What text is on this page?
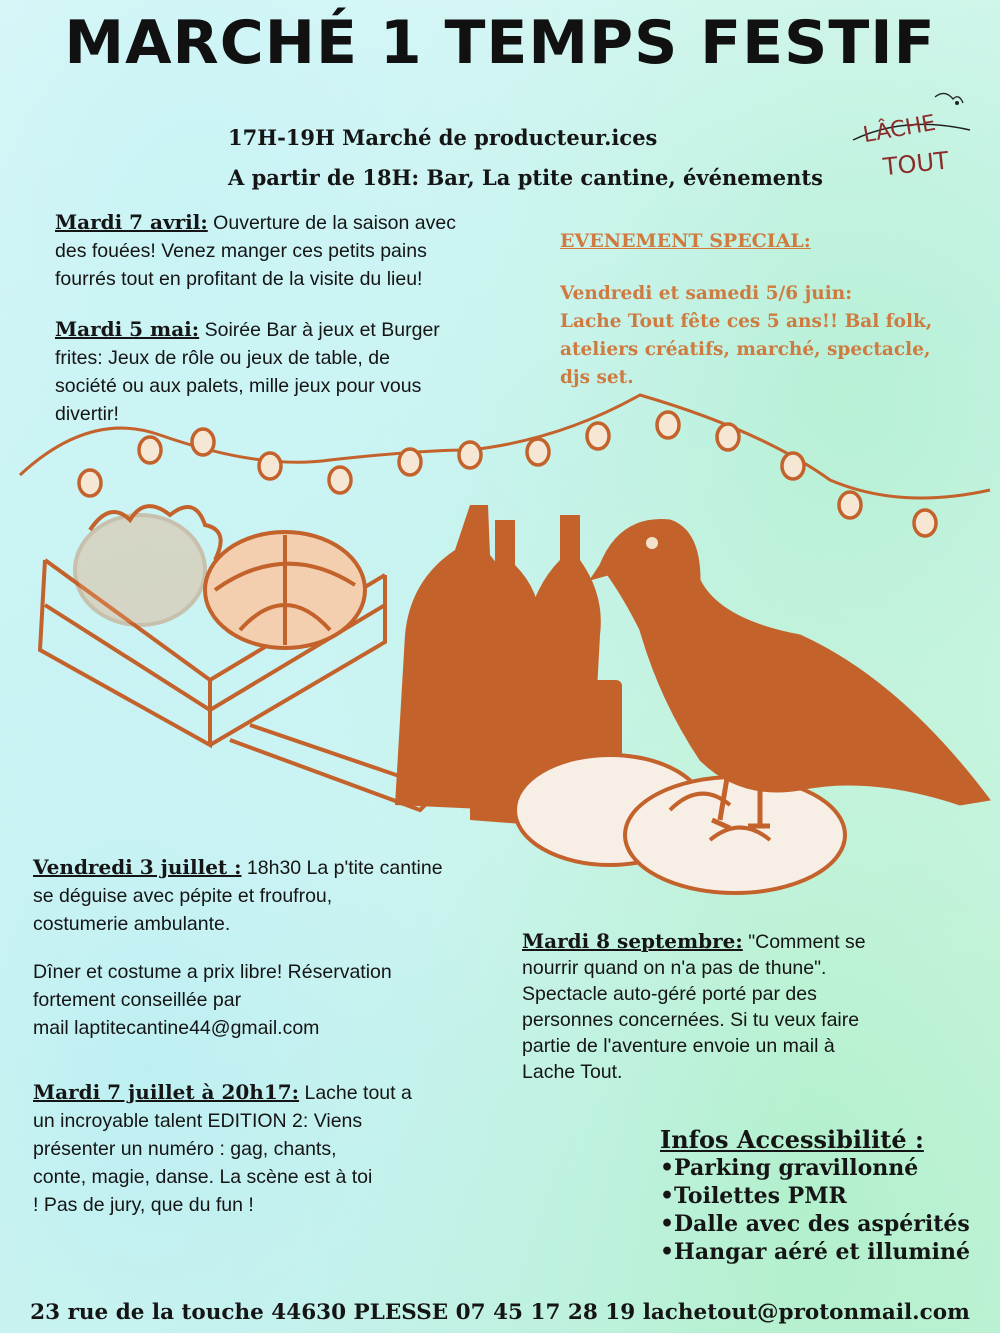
MARCHÉ 1 TEMPS FESTIF
LÂCHE
TOUT
17H-19H Marché de producteur.ices
A partir de 18H: Bar, La ptite cantine, événements
Mardi 7 avril: Ouverture de la saison avec
des fouées! Venez manger ces petits pains
fourrés tout en profitant de la visite du lieu!
Mardi 5 mai: Soirée Bar à jeux et Burger
frites: Jeux de rôle ou jeux de table, de
société ou aux palets, mille jeux pour vous
divertir!
EVENEMENT SPECIAL:
Vendredi et samedi 5/6 juin:
Lache Tout fête ces 5 ans!! Bal folk,
ateliers créatifs, marché, spectacle,
djs set.
Vendredi 3 juillet : 18h30 La p'tite cantine
se déguise avec pépite et froufrou,
costumerie ambulante.
Dîner et costume a prix libre! Réservation
fortement conseillée par
mail laptitecantine44@gmail.com
Mardi 7 juillet à 20h17: Lache tout a
un incroyable talent EDITION 2: Viens
présenter un numéro : gag, chants,
conte, magie, danse. La scène est à toi
! Pas de jury, que du fun !
Mardi 8 septembre: "Comment se
nourrir quand on n'a pas de thune".
Spectacle auto-géré porté par des
personnes concernées. Si tu veux faire
partie de l'aventure envoie un mail à
Lache Tout.
Infos Accessibilité :
•Parking gravillonné
•Toilettes PMR
•Dalle avec des aspérités
•Hangar aéré et illuminé
23 rue de la touche 44630 PLESSE 07 45 17 28 19 lachetout@protonmail.com
